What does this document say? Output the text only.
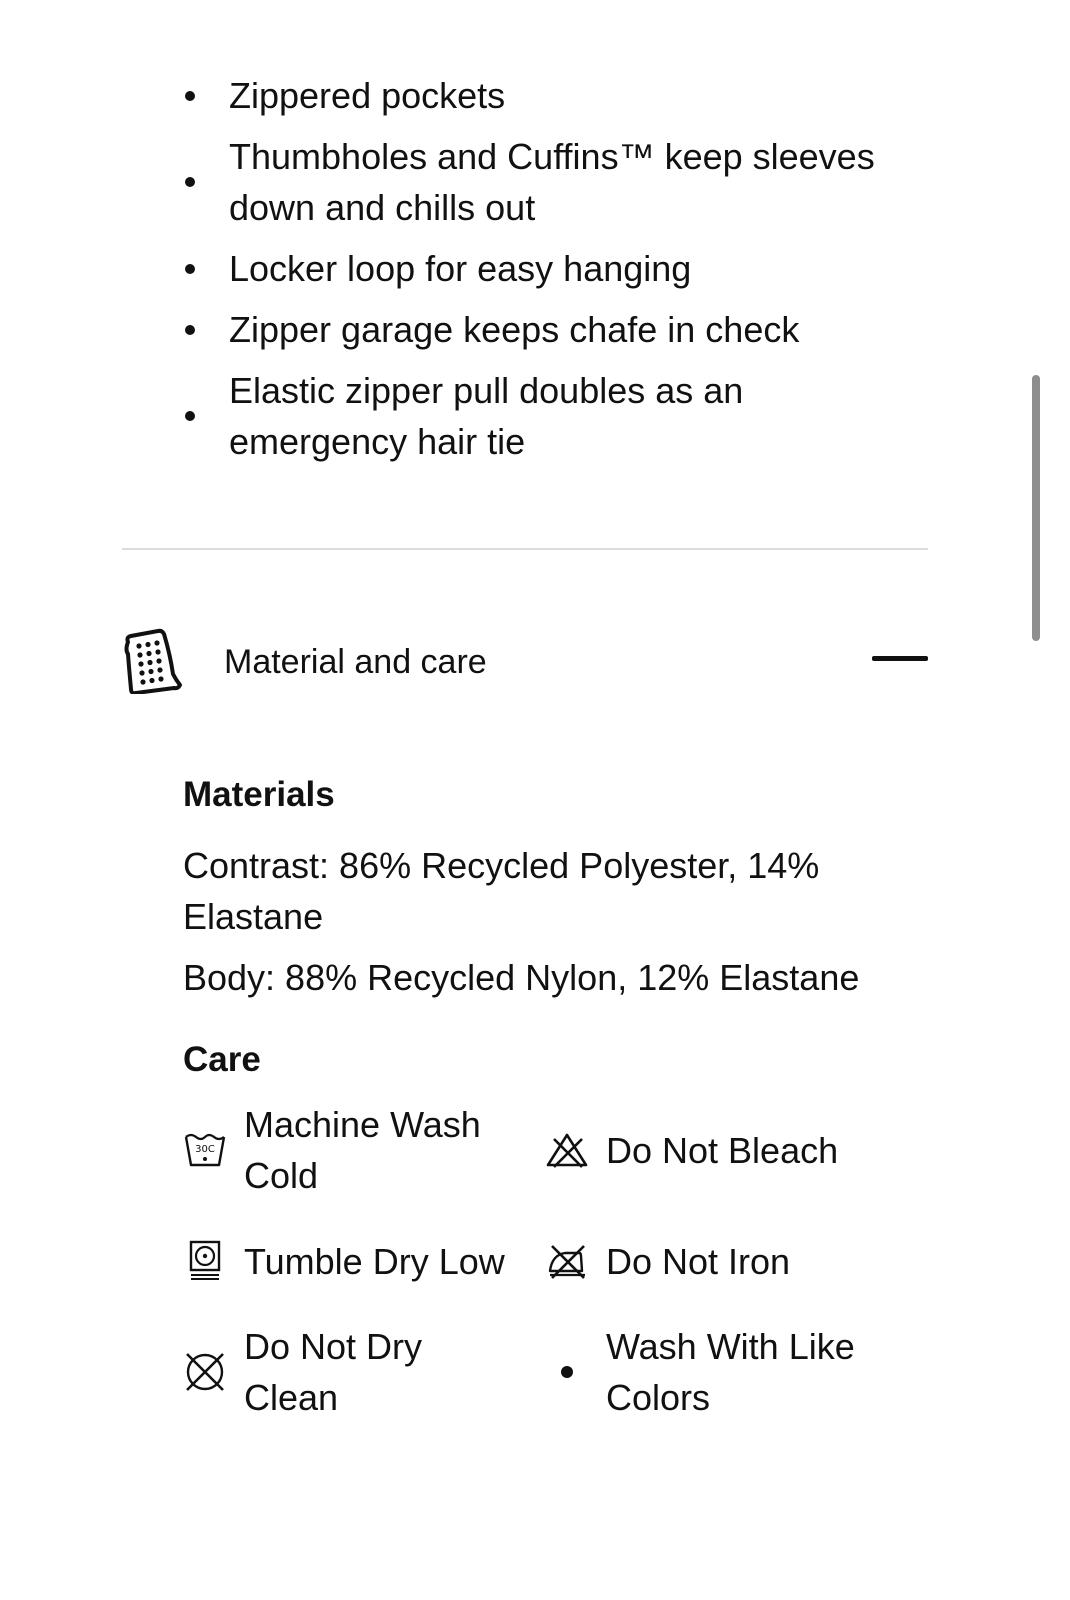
Zippered pockets
Thumbholes and Cuffins™ keep sleeves down and chills out
Locker loop for easy hanging
Zipper garage keeps chafe in check
Elastic zipper pull doubles as an emergency hair tie
Material and care
Materials

Contrast: 86% Recycled Polyester, 14% Elastane

Body: 88% Recycled Nylon, 12% Elastane

Care
30C
Machine Wash Cold
Do Not Bleach
Tumble Dry Low	Do Not Iron
Do Not Dry Clean
Wash With Like Colors
